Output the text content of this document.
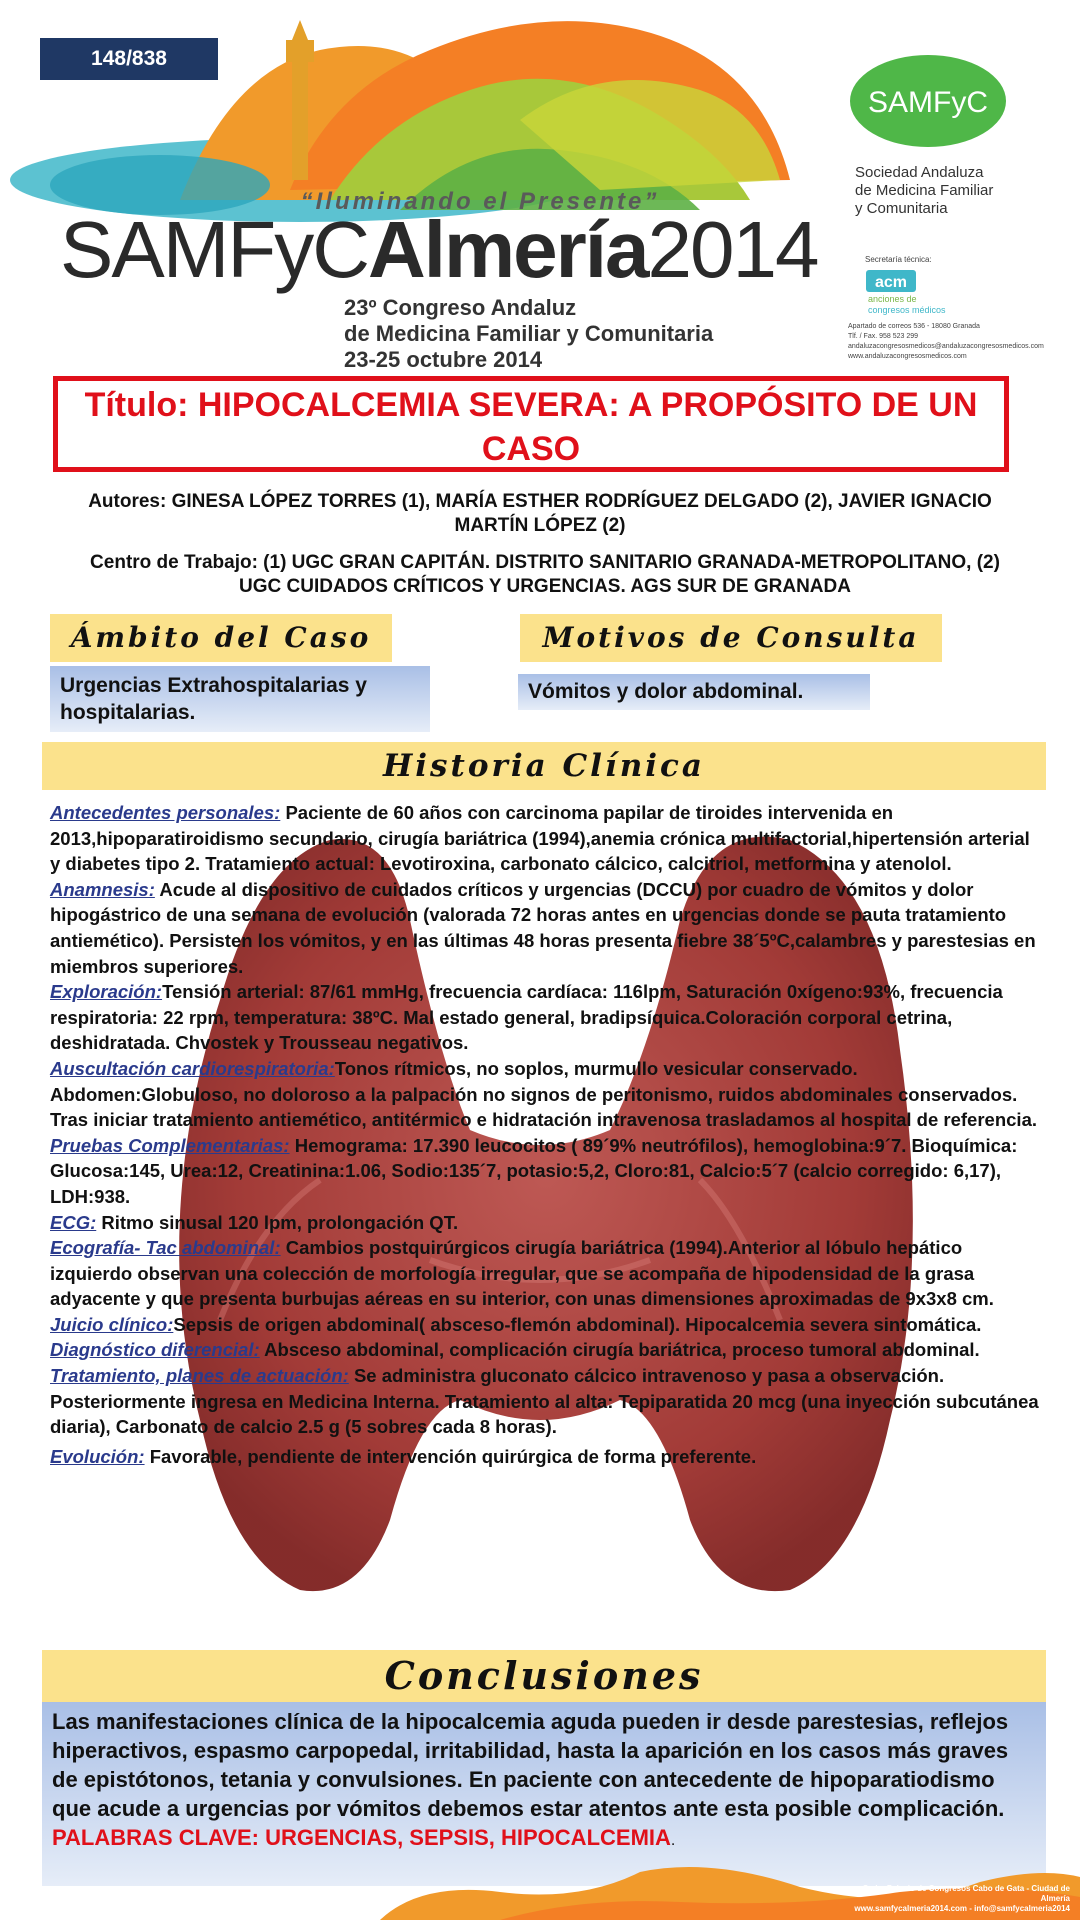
148/838
“Iluminando el Presente”
SAMFyCAlmería2014
23º Congreso Andaluz
de Medicina Familiar y Comunitaria
23-25 octubre 2014
SAMFyC
Sociedad Andaluza
de Medicina Familiar
y Comunitaria
Secretaría técnica:
acm
anciones de
congresos médicos
Apartado de correos 536 - 18080 Granada
Tlf. / Fax. 958 523 299
andaluzacongresosmedicos@andaluzacongresosmedicos.com
www.andaluzacongresosmedicos.com
Título: HIPOCALCEMIA SEVERA: A PROPÓSITO DE UN CASO
Autores: GINESA LÓPEZ TORRES (1), MARÍA ESTHER RODRÍGUEZ DELGADO (2), JAVIER IGNACIO MARTÍN LÓPEZ (2)
Centro de Trabajo: (1) UGC GRAN CAPITÁN. DISTRITO SANITARIO GRANADA-METROPOLITANO, (2) UGC CUIDADOS CRÍTICOS Y URGENCIAS. AGS SUR DE GRANADA
Ámbito del Caso	Motivos de Consulta
Urgencias Extrahospitalarias y hospitalarias.
Vómitos y dolor abdominal.
Historia Clínica

Antecedentes personales: Paciente de 60 años con carcinoma papilar de tiroides intervenida en 2013,hipoparatiroidismo secundario, cirugía bariátrica (1994),anemia crónica multifactorial,hipertensión arterial y diabetes tipo 2. Tratamiento actual: Levotiroxina, carbonato cálcico, calcitriol, metformina y atenolol.

Anamnesis: Acude al dispositivo de cuidados críticos y urgencias (DCCU) por cuadro de vómitos y dolor hipogástrico de una semana de evolución (valorada 72 horas antes en urgencias donde se pauta tratamiento antiemético). Persisten los vómitos, y en las últimas 48 horas presenta fiebre 38´5ºC,calambres y parestesias en miembros superiores.

Exploración:Tensión arterial: 87/61 mmHg, frecuencia cardíaca: 116lpm, Saturación 0xígeno:93%, frecuencia respiratoria: 22 rpm, temperatura: 38ºC. Mal estado general, bradipsíquica.Coloración corporal cetrina, deshidratada. Chvostek y Trousseau negativos.

Auscultación cardiorespiratoria:Tonos rítmicos, no soplos, murmullo vesicular conservado. Abdomen:Globuloso, no doloroso a la palpación no signos de peritonismo, ruidos abdominales conservados.

Tras iniciar tratamiento antiemético, antitérmico e hidratación intravenosa trasladamos al hospital de referencia.

Pruebas Complementarias: Hemograma: 17.390 leucocitos ( 89´9% neutrófilos), hemoglobina:9´7. Bioquímica: Glucosa:145, Urea:12, Creatinina:1.06, Sodio:135´7, potasio:5,2, Cloro:81, Calcio:5´7 (calcio corregido: 6,17), LDH:938.

ECG: Ritmo sinusal 120 lpm, prolongación QT.

Ecografía- Tac abdominal: Cambios postquirúrgicos cirugía bariátrica (1994).Anterior al lóbulo hepático izquierdo observan una colección de morfología irregular, que se acompaña de hipodensidad de la grasa adyacente y que presenta burbujas aéreas en su interior, con unas dimensiones aproximadas de 9x3x8 cm.

Juicio clínico:Sepsis de origen abdominal( absceso-flemón abdominal). Hipocalcemia severa sintomática.

Diagnóstico diferencial: Absceso abdominal, complicación cirugía bariátrica, proceso tumoral abdominal.

Tratamiento, planes de actuación: Se administra gluconato cálcico intravenoso y pasa a observación. Posteriormente ingresa en Medicina Interna. Tratamiento al alta: Tepiparatida 20 mcg (una inyección subcutánea diaria), Carbonato de calcio 2.5 g (5 sobres cada 8 horas).

Evolución: Favorable, pendiente de intervención quirúrgica de forma preferente.

Conclusiones
Las manifestaciones clínica de la hipocalcemia aguda pueden ir desde parestesias, reflejos hiperactivos, espasmo carpopedal, irritabilidad, hasta la aparición en los casos más graves de epistótonos, tetania y convulsiones. En paciente con antecedente de hipoparatiodismo que acude a urgencias por vómitos debemos estar atentos ante esta posible complicación.
PALABRAS CLAVE: URGENCIAS, SEPSIS, HIPOCALCEMIA.
Sede: Palacio de Congresos Cabo de Gata - Ciudad de Almería
www.samfycalmeria2014.com - info@samfycalmeria2014
